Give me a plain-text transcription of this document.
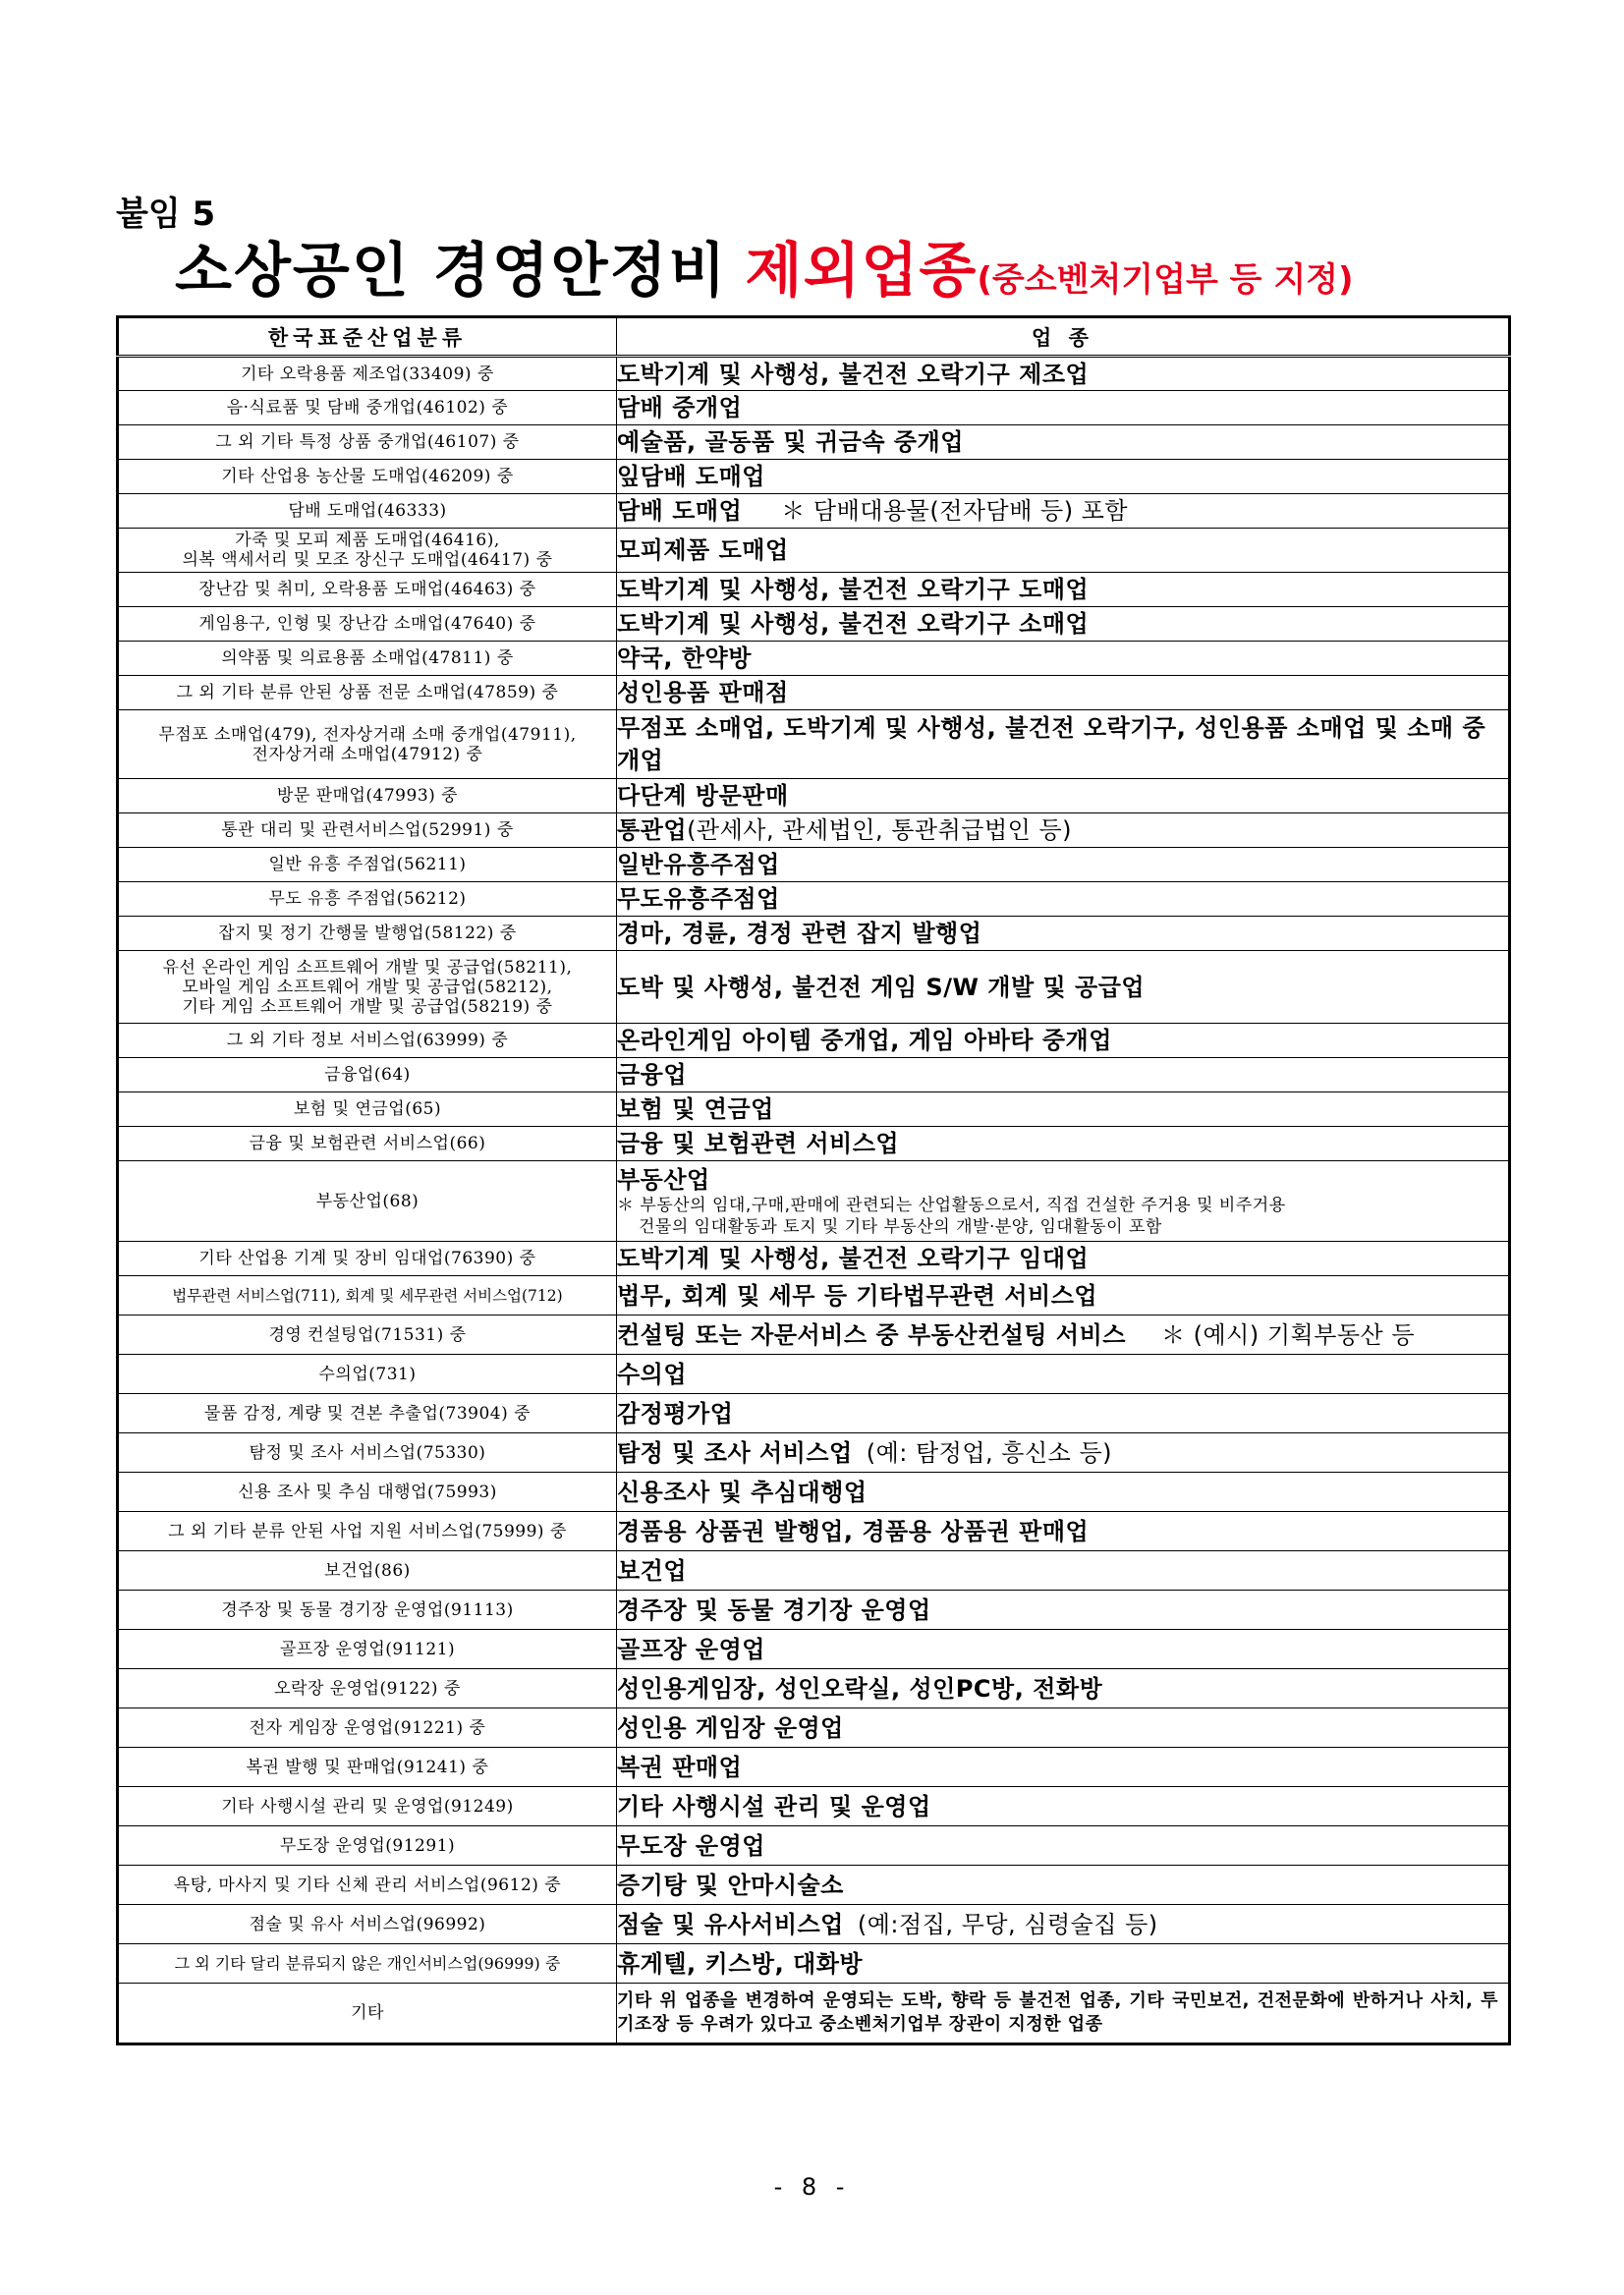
붙임 5
소상공인 경영안정비 제외업종(중소벤처기업부 등 지정)
한국표준산업분류	업 종
기타 오락용품 제조업(33409) 중	도박기계 및 사행성, 불건전 오락기구 제조업
음·식료품 및 담배 중개업(46102) 중	담배 중개업
그 외 기타 특정 상품 중개업(46107) 중	예술품, 골동품 및 귀금속 중개업
기타 산업용 농산물 도매업(46209) 중	잎담배 도매업
담배 도매업(46333)	담배 도매업 ＊ 담배대용물(전자담배 등) 포함

가죽 및 모피 제품 도매업(46416),
의복 액세서리 및 모조 장신구 도매업(46417) 중	모피제품 도매업
장난감 및 취미, 오락용품 도매업(46463) 중	도박기계 및 사행성, 불건전 오락기구 도매업
게임용구, 인형 및 장난감 소매업(47640) 중	도박기계 및 사행성, 불건전 오락기구 소매업
의약품 및 의료용품 소매업(47811) 중	약국, 한약방
그 외 기타 분류 안된 상품 전문 소매업(47859) 중	성인용품 판매점

무점포 소매업(479), 전자상거래 소매 중개업(47911),
전자상거래 소매업(47912) 중	무점포 소매업, 도박기계 및 사행성, 불건전 오락기구, 성인용품 소매업 및 소매 중개업
방문 판매업(47993) 중	다단계 방문판매
통관 대리 및 관련서비스업(52991) 중	통관업(관세사, 관세법인, 통관취급법인 등)
일반 유흥 주점업(56211)	일반유흥주점업
무도 유흥 주점업(56212)	무도유흥주점업
잡지 및 정기 간행물 발행업(58122) 중	경마, 경륜, 경정 관련 잡지 발행업

유선 온라인 게임 소프트웨어 개발 및 공급업(58211),
모바일 게임 소프트웨어 개발 및 공급업(58212),
기타 게임 소프트웨어 개발 및 공급업(58219) 중	도박 및 사행성, 불건전 게임 S/W 개발 및 공급업
그 외 기타 정보 서비스업(63999) 중	온라인게임 아이템 중개업, 게임 아바타 중개업
금융업(64)	금융업
보험 및 연금업(65)	보험 및 연금업
금융 및 보험관련 서비스업(66)	금융 및 보험관련 서비스업
부동산업(68)	부동산업
＊ 부동산의 임대,구매,판매에 관련되는 산업활동으로서, 직접 건설한 주거용 및 비주거용
건물의 임대활동과 토지 및 기타 부동산의 개발·분양, 임대활동이 포함

기타 산업용 기계 및 장비 임대업(76390) 중	도박기계 및 사행성, 불건전 오락기구 임대업
법무관련 서비스업(711), 회계 및 세무관련 서비스업(712)	법무, 회계 및 세무 등 기타법무관련 서비스업
경영 컨설팅업(71531) 중	컨설팅 또는 자문서비스 중 부동산컨설팅 서비스 ＊ (예시) 기획부동산 등
수의업(731)	수의업
물품 감정, 계량 및 견본 추출업(73904) 중	감정평가업
탐정 및 조사 서비스업(75330)	탐정 및 조사 서비스업 (예: 탐정업, 흥신소 등)
신용 조사 및 추심 대행업(75993)	신용조사 및 추심대행업
그 외 기타 분류 안된 사업 지원 서비스업(75999) 중	경품용 상품권 발행업, 경품용 상품권 판매업
보건업(86)	보건업
경주장 및 동물 경기장 운영업(91113)	경주장 및 동물 경기장 운영업
골프장 운영업(91121)	골프장 운영업
오락장 운영업(9122) 중	성인용게임장, 성인오락실, 성인PC방, 전화방
전자 게임장 운영업(91221) 중	성인용 게임장 운영업
복권 발행 및 판매업(91241) 중	복권 판매업
기타 사행시설 관리 및 운영업(91249)	기타 사행시설 관리 및 운영업
무도장 운영업(91291)	무도장 운영업
욕탕, 마사지 및 기타 신체 관리 서비스업(9612) 중	증기탕 및 안마시술소
점술 및 유사 서비스업(96992)	점술 및 유사서비스업 (예:점집, 무당, 심령술집 등)
그 외 기타 달리 분류되지 않은 개인서비스업(96999) 중	휴게텔, 키스방, 대화방
기타	기타 위 업종을 변경하여 운영되는 도박, 향락 등 불건전 업종, 기타 국민보건, 건전문화에 반하거나 사치, 투기조장 등 우려가 있다고 중소벤처기업부 장관이 지정한 업종
- 8 -
